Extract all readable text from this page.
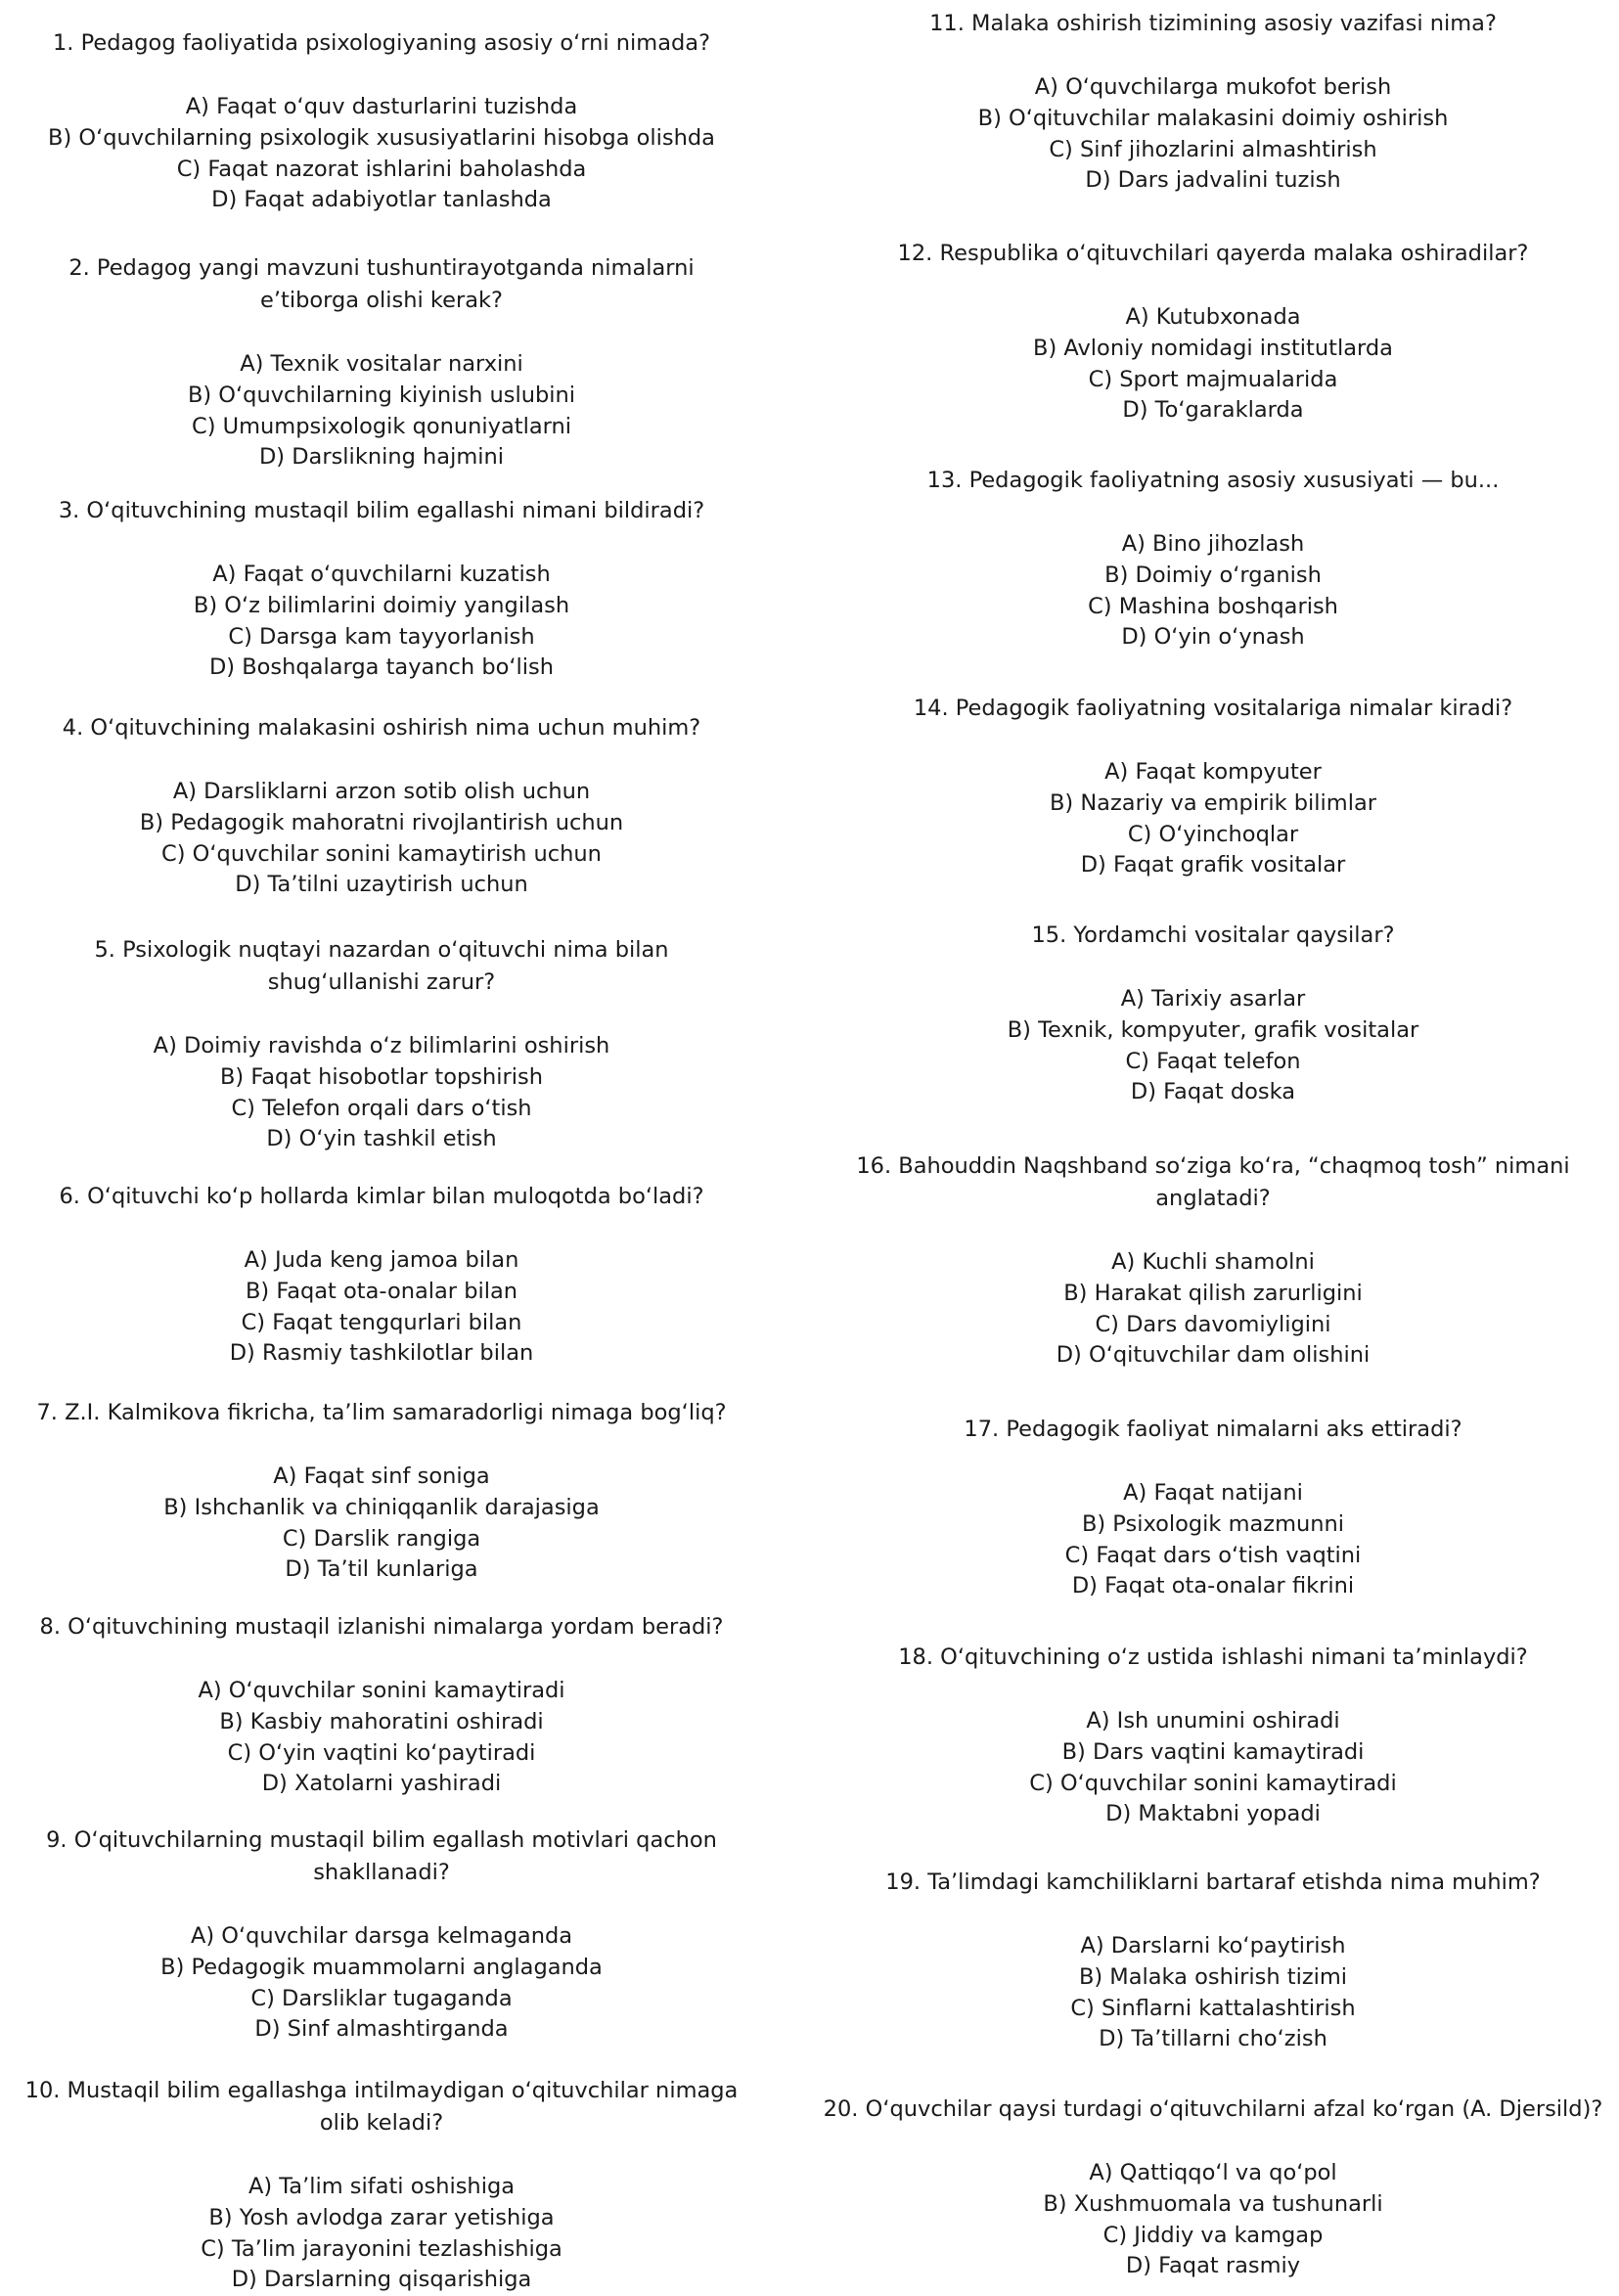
1. Pedagog faoliyatida psixologiyaning asosiy o‘rni nimada?

A) Faqat o‘quv dasturlarini tuzishda
B) O‘quvchilarning psixologik xususiyatlarini hisobga olishda
C) Faqat nazorat ishlarini baholashda
D) Faqat adabiyotlar tanlashda

2. Pedagog yangi mavzuni tushuntirayotganda nimalarni e’tiborga olishi kerak?

A) Texnik vositalar narxini
B) O‘quvchilarning kiyinish uslubini
C) Umumpsixologik qonuniyatlarni
D) Darslikning hajmini

3. O‘qituvchining mustaqil bilim egallashi nimani bildiradi?

A) Faqat o‘quvchilarni kuzatish
B) O‘z bilimlarini doimiy yangilash
C) Darsga kam tayyorlanish
D) Boshqalarga tayanch bo‘lish

4. O‘qituvchining malakasini oshirish nima uchun muhim?

A) Darsliklarni arzon sotib olish uchun
B) Pedagogik mahoratni rivojlantirish uchun
C) O‘quvchilar sonini kamaytirish uchun
D) Ta’tilni uzaytirish uchun

5. Psixologik nuqtayi nazardan o‘qituvchi nima bilan shug‘ullanishi zarur?

A) Doimiy ravishda o‘z bilimlarini oshirish
B) Faqat hisobotlar topshirish
C) Telefon orqali dars o‘tish
D) O‘yin tashkil etish

6. O‘qituvchi ko‘p hollarda kimlar bilan muloqotda bo‘ladi?

A) Juda keng jamoa bilan
B) Faqat ota-onalar bilan
C) Faqat tengqurlari bilan
D) Rasmiy tashkilotlar bilan

7. Z.I. Kalmikova fikricha, ta’lim samaradorligi nimaga bog‘liq?

A) Faqat sinf soniga
B) Ishchanlik va chiniqqanlik darajasiga
C) Darslik rangiga
D) Ta’til kunlariga

8. O‘qituvchining mustaqil izlanishi nimalarga yordam beradi?

A) O‘quvchilar sonini kamaytiradi
B) Kasbiy mahoratini oshiradi
C) O‘yin vaqtini ko‘paytiradi
D) Xatolarni yashiradi

9. O‘qituvchilarning mustaqil bilim egallash motivlari qachon shakllanadi?

A) O‘quvchilar darsga kelmaganda
B) Pedagogik muammolarni anglaganda
C) Darsliklar tugaganda
D) Sinf almashtirganda

10. Mustaqil bilim egallashga intilmaydigan o‘qituvchilar nimaga olib keladi?

A) Ta’lim sifati oshishiga
B) Yosh avlodga zarar yetishiga
C) Ta’lim jarayonini tezlashishiga
D) Darslarning qisqarishiga

11. Malaka oshirish tizimining asosiy vazifasi nima?

A) O‘quvchilarga mukofot berish
B) O‘qituvchilar malakasini doimiy oshirish
C) Sinf jihozlarini almashtirish
D) Dars jadvalini tuzish

12. Respublika o‘qituvchilari qayerda malaka oshiradilar?

A) Kutubxonada
B) Avloniy nomidagi institutlarda
C) Sport majmualarida
D) To‘garaklarda

13. Pedagogik faoliyatning asosiy xususiyati — bu...

A) Bino jihozlash
B) Doimiy o‘rganish
C) Mashina boshqarish
D) O‘yin o‘ynash

14. Pedagogik faoliyatning vositalariga nimalar kiradi?

A) Faqat kompyuter
B) Nazariy va empirik bilimlar
C) O‘yinchoqlar
D) Faqat grafik vositalar

15. Yordamchi vositalar qaysilar?

A) Tarixiy asarlar
B) Texnik, kompyuter, grafik vositalar
C) Faqat telefon
D) Faqat doska

16. Bahouddin Naqshband so‘ziga ko‘ra, “chaqmoq tosh” nimani anglatadi?

A) Kuchli shamolni
B) Harakat qilish zarurligini
C) Dars davomiyligini
D) O‘qituvchilar dam olishini

17. Pedagogik faoliyat nimalarni aks ettiradi?

A) Faqat natijani
B) Psixologik mazmunni
C) Faqat dars o‘tish vaqtini
D) Faqat ota-onalar fikrini

18. O‘qituvchining o‘z ustida ishlashi nimani ta’minlaydi?

A) Ish unumini oshiradi
B) Dars vaqtini kamaytiradi
C) O‘quvchilar sonini kamaytiradi
D) Maktabni yopadi

19. Ta’limdagi kamchiliklarni bartaraf etishda nima muhim?

A) Darslarni ko‘paytirish
B) Malaka oshirish tizimi
C) Sinflarni kattalashtirish
D) Ta’tillarni cho‘zish

20. O‘quvchilar qaysi turdagi o‘qituvchilarni afzal ko‘rgan (A. Djersild)?

A) Qattiqqo‘l va qo‘pol
B) Xushmuomala va tushunarli
C) Jiddiy va kamgap
D) Faqat rasmiy
